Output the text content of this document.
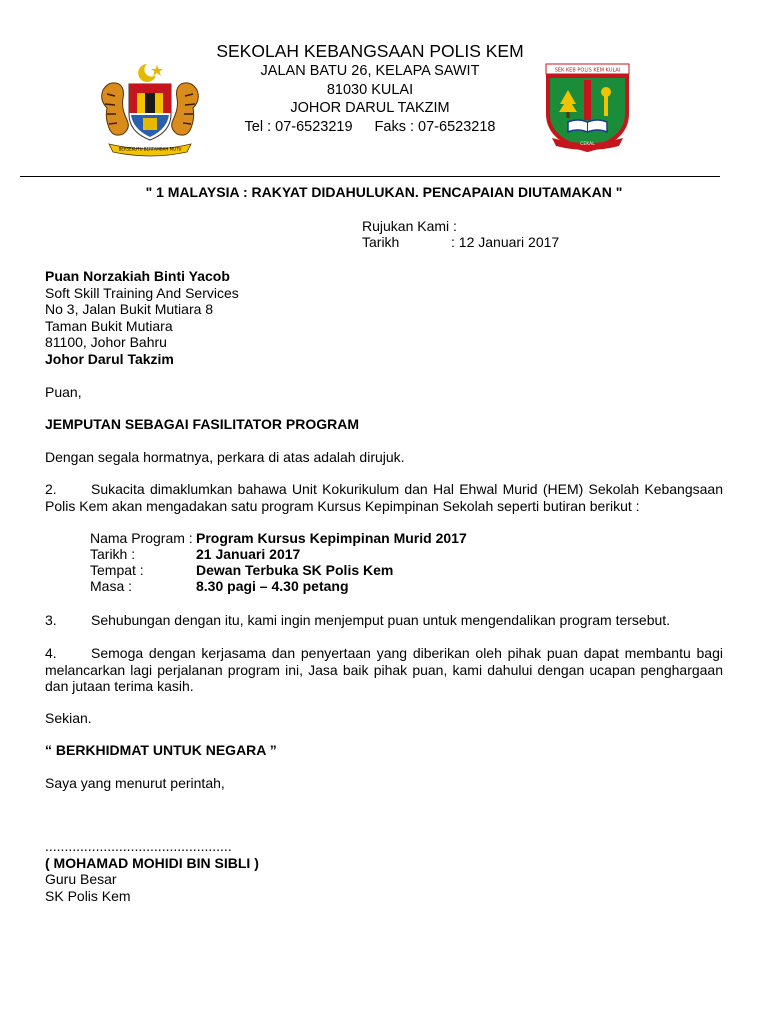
BERSEKUTU BERTAMBAH MUTU
SEKOLAH KEBANGSAAN POLIS KEM
JALAN BATU 26, KELAPA SAWIT
81030 KULAI
JOHOR DARUL TAKZIM
Tel : 07-6523219 Faks : 07-6523218
SEK KEB POLIS KEM KULAI
CEKAL
" 1 MALAYSIA : RAKYAT DIDAHULUKAN. PENCAPAIAN DIUTAMAKAN "
Rujukan Kami :
Tarikh	: 12 Januari 2017
Puan Norzakiah Binti Yacob
Soft Skill Training And Services
No 3, Jalan Bukit Mutiara 8
Taman Bukit Mutiara
81100, Johor Bahru
Johor Darul Takzim
Puan,
JEMPUTAN SEBAGAI FASILITATOR PROGRAM
Dengan segala hormatnya, perkara di atas adalah dirujuk.
2. Sukacita dimaklumkan bahawa Unit Kokurikulum dan Hal Ehwal Murid (HEM) Sekolah Kebangsaan Polis Kem akan mengadakan satu program Kursus Kepimpinan Sekolah seperti butiran berikut :
Nama Program : Program Kursus Kepimpinan Murid 2017
Tarikh :	21 Januari 2017
Tempat :	Dewan Terbuka SK Polis Kem
Masa :	8.30 pagi – 4.30 petang
3. Sehubungan dengan itu, kami ingin menjemput puan untuk mengendalikan program tersebut.
4. Semoga dengan kerjasama dan penyertaan yang diberikan oleh pihak puan dapat membantu bagi melancarkan lagi perjalanan program ini, Jasa baik pihak puan, kami dahului dengan ucapan penghargaan dan jutaan terima kasih.
Sekian.
“ BERKHIDMAT UNTUK NEGARA ”
Saya yang menurut perintah,
................................................
( MOHAMAD MOHIDI BIN SIBLI )
Guru Besar
SK Polis Kem
